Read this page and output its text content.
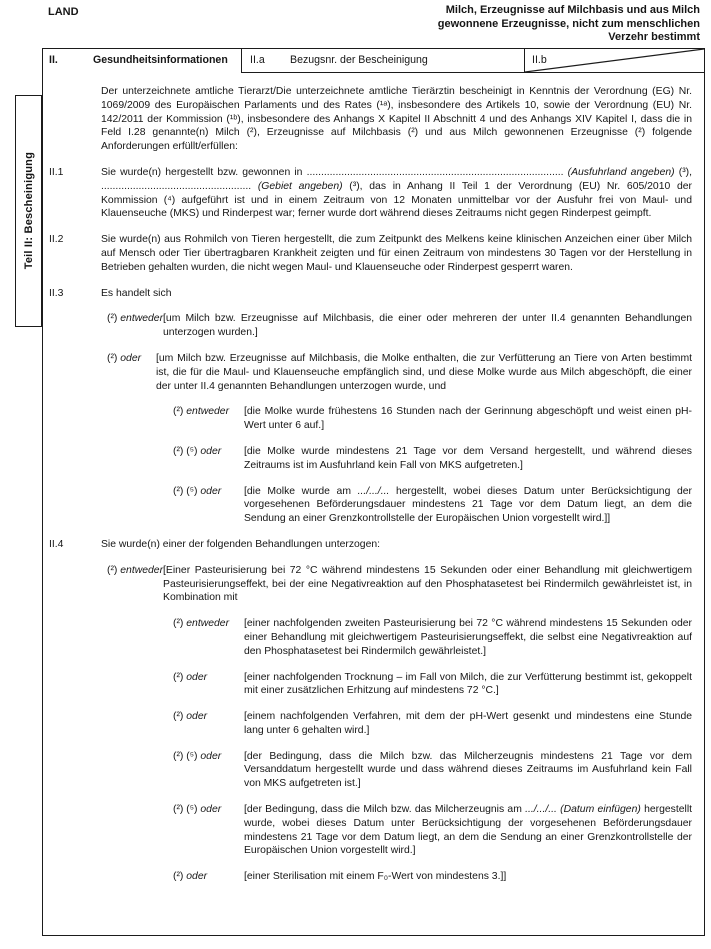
LAND	Milch, Erzeugnisse auf Milchbasis und aus Milch
gewonnene Erzeugnisse, nicht zum menschlichen
Verzehr bestimmt
Teil II: Bescheinigung
II.	Gesundheitsinformationen II.a	Bezugsnr. der Bescheinigung	II.b
Der unterzeichnete amtliche Tierarzt/Die unterzeichnete amtliche Tierärztin bescheinigt in Kenntnis der Verordnung (EG) Nr. 1069/2009 des Europäischen Parlaments und des Rates (¹ᵃ), insbesondere des Artikels 10, sowie der Verordnung (EU) Nr. 142/2011 der Kommission (¹ᵇ), insbesondere des Anhangs X Kapitel II Abschnitt 4 und des Anhangs XIV Kapitel I, dass die in Feld I.28 genannte(n) Milch (²), Erzeugnisse auf Milchbasis (²) und aus Milch gewonnenen Erzeugnisse (²) folgende Anforderungen erfüllt/erfüllen:
II.1	Sie wurde(n) hergestellt bzw. gewonnen in ......................................................................................... (Ausfuhrland angeben) (³), .................................................... (Gebiet angeben) (³), das in Anhang II Teil 1 der Verordnung (EU) Nr. 605/2010 der Kommission (⁴) aufgeführt ist und in einem Zeitraum von 12 Monaten unmittelbar vor der Ausfuhr frei von Maul- und Klauenseuche (MKS) und Rinderpest war; ferner wurde dort während dieses Zeitraums nicht gegen Rinderpest geimpft.
II.2	Sie wurde(n) aus Rohmilch von Tieren hergestellt, die zum Zeitpunkt des Melkens keine klinischen Anzeichen einer über Milch auf Mensch oder Tier übertragbaren Krankheit zeigten und für einen Zeitraum von mindestens 30 Tagen vor der Herstellung in Betrieben gehalten wurden, die nicht wegen Maul- und Klauenseuche oder Rinderpest gesperrt waren.
II.3	Es handelt sich
(²) entweder [um Milch bzw. Erzeugnisse auf Milchbasis, die einer oder mehreren der unter II.4 genannten Behandlungen unterzogen wurden.]
(²) oder	[um Milch bzw. Erzeugnisse auf Milchbasis, die Molke enthalten, die zur Verfütterung an Tiere von Arten bestimmt ist, die für die Maul- und Klauenseuche empfänglich sind, und diese Molke wurde aus Milch abgeschöpft, die einer der unter II.4 genannten Behandlungen unterzogen wurde, und
(²) entweder	[die Molke wurde frühestens 16 Stunden nach der Gerinnung abgeschöpft und weist einen pH-Wert unter 6 auf.]
(²) (⁵) oder	[die Molke wurde mindestens 21 Tage vor dem Versand hergestellt, und während dieses Zeitraums ist im Ausfuhrland kein Fall von MKS aufgetreten.]
(²) (⁵) oder	[die Molke wurde am .../.../... hergestellt, wobei dieses Datum unter Berücksichtigung der vorgesehenen Beförderungsdauer mindestens 21 Tage vor dem Datum liegt, an dem die Sendung an einer Grenzkontrollstelle der Europäischen Union vorgestellt wird.]]
II.4	Sie wurde(n) einer der folgenden Behandlungen unterzogen:
(²) entweder [Einer Pasteurisierung bei 72 °C während mindestens 15 Sekunden oder einer Behandlung mit gleichwertigem Pasteurisierungseffekt, bei der eine Negativreaktion auf den Phosphatasetest bei Rindermilch gewährleistet ist, in Kombination mit
(²) entweder	[einer nachfolgenden zweiten Pasteurisierung bei 72 °C während mindestens 15 Sekunden oder einer Behandlung mit gleichwertigem Pasteurisierungseffekt, die selbst eine Negativreaktion auf den Phosphatasetest bei Rindermilch gewährleistet.]
(²) oder	[einer nachfolgenden Trocknung – im Fall von Milch, die zur Verfütterung bestimmt ist, gekoppelt mit einer zusätzlichen Erhitzung auf mindestens 72 °C.]
(²) oder	[einem nachfolgenden Verfahren, mit dem der pH-Wert gesenkt und mindestens eine Stunde lang unter 6 gehalten wird.]
(²) (⁵) oder	[der Bedingung, dass die Milch bzw. das Milcherzeugnis mindestens 21 Tage vor dem Versanddatum hergestellt wurde und dass während dieses Zeitraums im Ausfuhrland kein Fall von MKS aufgetreten ist.]
(²) (⁵) oder	[der Bedingung, dass die Milch bzw. das Milcherzeugnis am .../.../... (Datum einfügen) hergestellt wurde, wobei dieses Datum unter Berücksichtigung der vorgesehenen Beförderungsdauer mindestens 21 Tage vor dem Datum liegt, an dem die Sendung an einer Grenzkontrollstelle der Europäischen Union vorgestellt wird.]
(²) oder	[einer Sterilisation mit einem F₀-Wert von mindestens 3.]]
